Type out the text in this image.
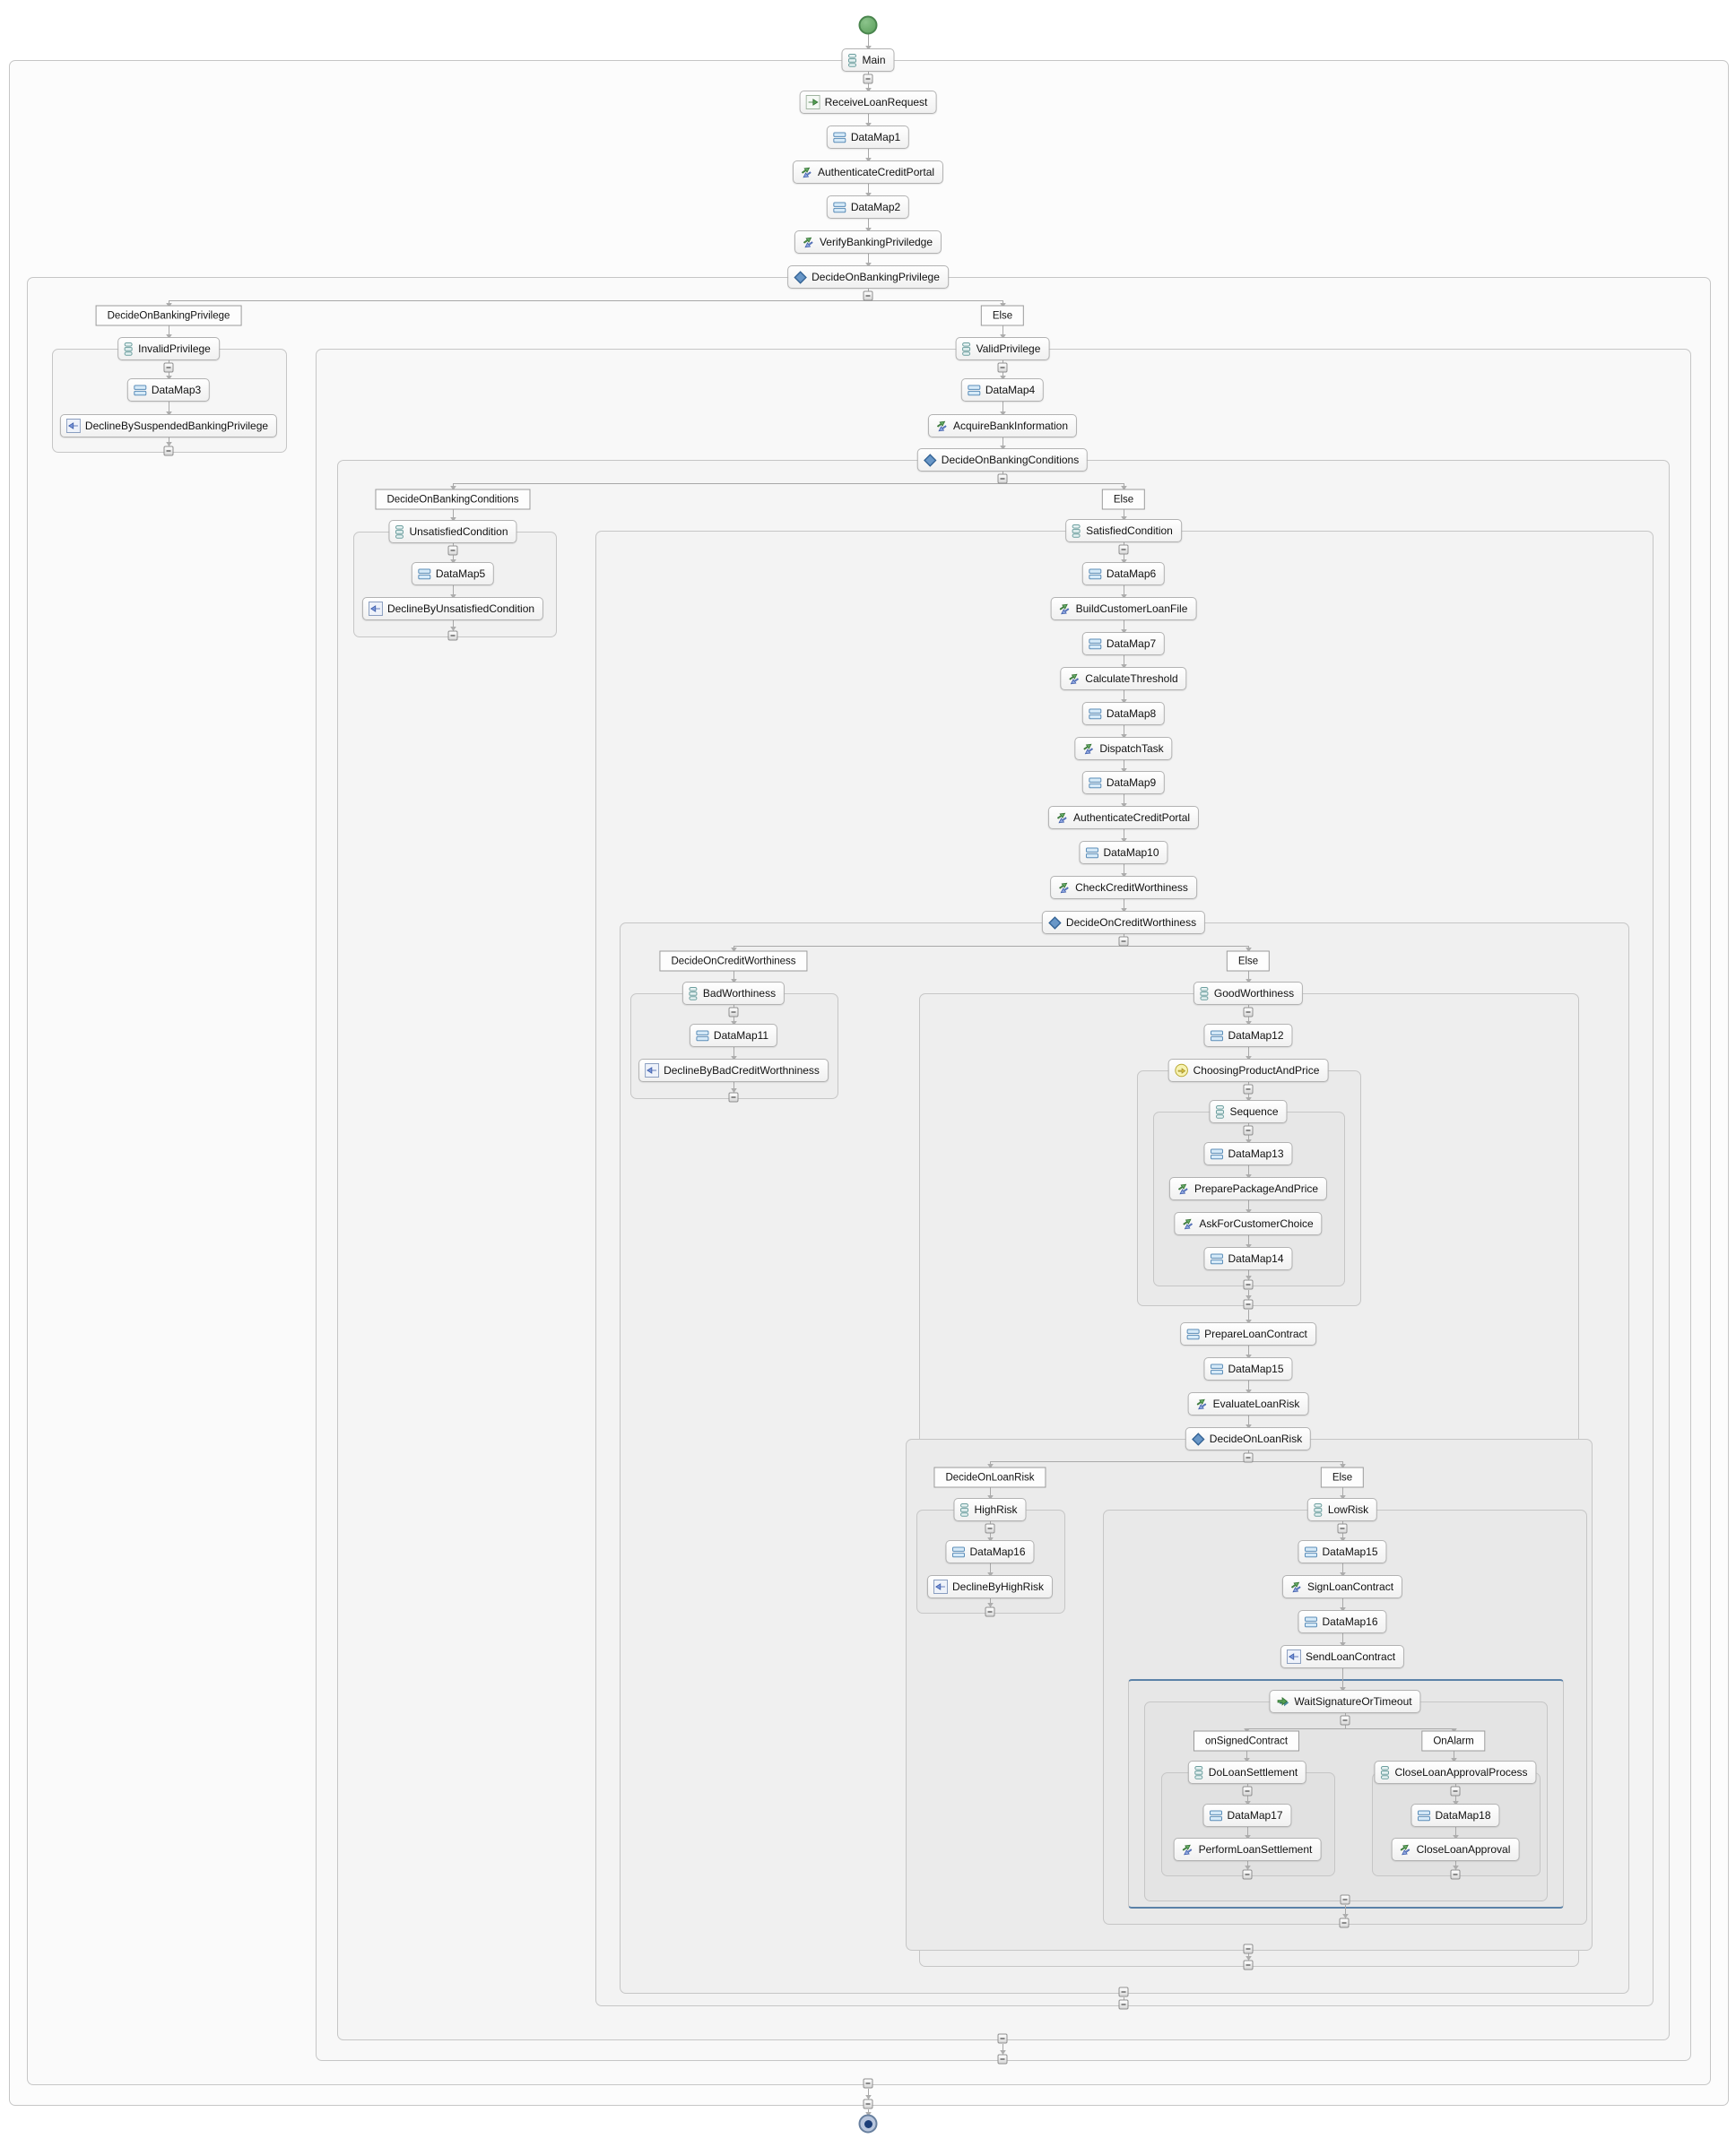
Main
ReceiveLoanRequest
DataMap1
AuthenticateCreditPortal
DataMap2
VerifyBankingPriviledge
DecideOnBankingPrivilege
DecideOnBankingPrivilege
InvalidPrivilege
DataMap3
DeclineBySuspendedBankingPrivilege
Else
ValidPrivilege
DataMap4
AcquireBankInformation
DecideOnBankingConditions
DecideOnBankingConditions
UnsatisfiedCondition
DataMap5
DeclineByUnsatisfiedCondition
Else
SatisfiedCondition
DataMap6
BuildCustomerLoanFile
DataMap7
CalculateThreshold
DataMap8
DispatchTask
DataMap9
AuthenticateCreditPortal
DataMap10
CheckCreditWorthiness
DecideOnCreditWorthiness
DecideOnCreditWorthiness
BadWorthiness
DataMap11
DeclineByBadCreditWorthniness
Else
GoodWorthiness
DataMap12
ChoosingProductAndPrice
Sequence
DataMap13
PreparePackageAndPrice
AskForCustomerChoice
DataMap14
PrepareLoanContract
DataMap15
EvaluateLoanRisk
DecideOnLoanRisk
DecideOnLoanRisk
HighRisk
DataMap16
DeclineByHighRisk
Else
LowRisk
DataMap15
SignLoanContract
DataMap16
SendLoanContract
WaitSignatureOrTimeout
onSignedContract	OnAlarm
DoLoanSettlement	CloseLoanApprovalProcess
DataMap17
PerformLoanSettlement
DataMap18
CloseLoanApproval
